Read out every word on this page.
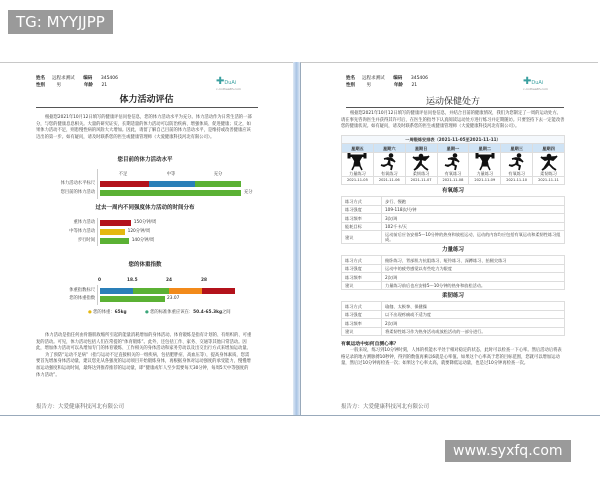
TG: MYYJJPP
姓名 远程求测试 编码 345406
性别	男	年龄 21	✚DuAi
c.cndhealth.com
体力活动评估
根据您2021年10月12日填写的健康评估问卷信息，您的体力活动水平为充分。体力活动作为日常生活的一部分，与您的健康息息相关。大量的研究证实，长期适量的体力活动可以防治疾病、增强体质、促进健康；反之，如果体力活动不足，则患慢性病的风险大大增加。因此，请留了解自己目前的体力活动水平，是维持或改善健康应该迈出的第一步。如有疑问，请及时联系您的医生或健康管理师（大爱健康科技河北有限公司）。
您目前的体力活动水平
不足	中等	充分
体力活动水平标尺
您目前的体力活动	充分
过去一周内不同强度体力活动的时间分布
重体力活动	150分钟/周
中等体力活动	120分钟/周
步行时间	140分钟/周
您的体重指数
0	18.5	24	28
体重指数标尺
您的体重指数	23.07
● 您的体重：65kg	● 您的标准体重应该在：50.4-65.3kg之间
体力活动是指任何由骨骼肌收缩所引起的能量消耗增加的身体活动。体育锻炼是指有计划的、有组织的、可重复的活动。可见，体力活动包括人们在常提的“体育锻炼”。此外，还包括工作、家务、交通等其他日常活动。因此，增加体力活动可以从增加专门的体育锻炼、工作相关的身体活动和家务劳动以及出交出行方式来增加运动量。
为了预防“运动不足病”（指与运动不足直接相关的一组疾病，包括肥胖症、高血压等），提高身体素质，您需要首先增加身体活动量，建议您先从各强度的运动项目开始锻炼身体，再根据身体对运动强度的承受能力，慢慢增加运动强度和运动时间，最终达到推荐推荐的运动量，即“健康成年人至少需要每天30分钟，每周5天中等强度的体力活动”。
报告方：大爱健康科技河北有限公司
姓名 远程求测试 编码 345406
性别	男	年龄 21	✚DuAi
c.cndhealth.com
运动保健处方
根据您2021年10月12日填写的健康评估问卷信息，并结合目前的健康情况，我们为您制定了一周的运动处方。请在事先咨询医生并获得其许可后，在医生的指导下认真阅读运动处方进行练习并定期随访。只要坚持下去一定能改善您的健康状况。如有疑问，请及时联系您的医生或健康管理师（大爱健康科技河北有限公司）。
一周锻炼安排表（2021-11-05至2021-11-11）						
星期五	星期六	星期日	星期一	星期二	星期三	星期四

力量练习	有氧练习	柔韧练习	有氧练习	力量练习	有氧练习	柔韧练习

2021-11-05	2021-11-06	2021-11-07	2021-11-08	2021-11-09	2021-11-10	2021-11-11
有氧练习
练习方式	步行、慢跑
练习强度	109-118次/分钟
练习频率	3次/周
能耗目标	102千卡/天
建议	运动前后应各安排5～10分钟的热身和放松运动，运动的内容均应包括有氧运动和柔韧性练习组成。
力量练习
练习方式	俯卧练习、背部肌力抗阻练习、哑铃练习、深蹲练习、抬腿尖练习
练习强度	运动中的疲劳感觉以有些吃力为限度
练习频率	2次/周
建议	力量练习前后也应安排5～10分钟的热身和放松活动。
柔韧练习
练习方式	瑜伽、太极拳、保健操
练习强度	以不出现疼痛或不适为度
练习频率	2次/周
建议	将柔韧性练习作为热身活动或放松活动的一部分进行。
有氧运动中如何自测心率？
一般来说，练习到10分钟时刻，人体的机能水平处于相对稳定的状态，此时可以检查一下心率。然后活动后将表格记录的地方测脉搏10秒钟，得到的数值再乘以6就是心率值。如果这个心率高于您的目标范围，您就可以增加运动量，然后过10分钟再检查一次；如果这个心率太高，就要降低运动量，也是过10分钟再检查一次。
报告方：大爱健康科技河北有限公司
www.syxfq.com
